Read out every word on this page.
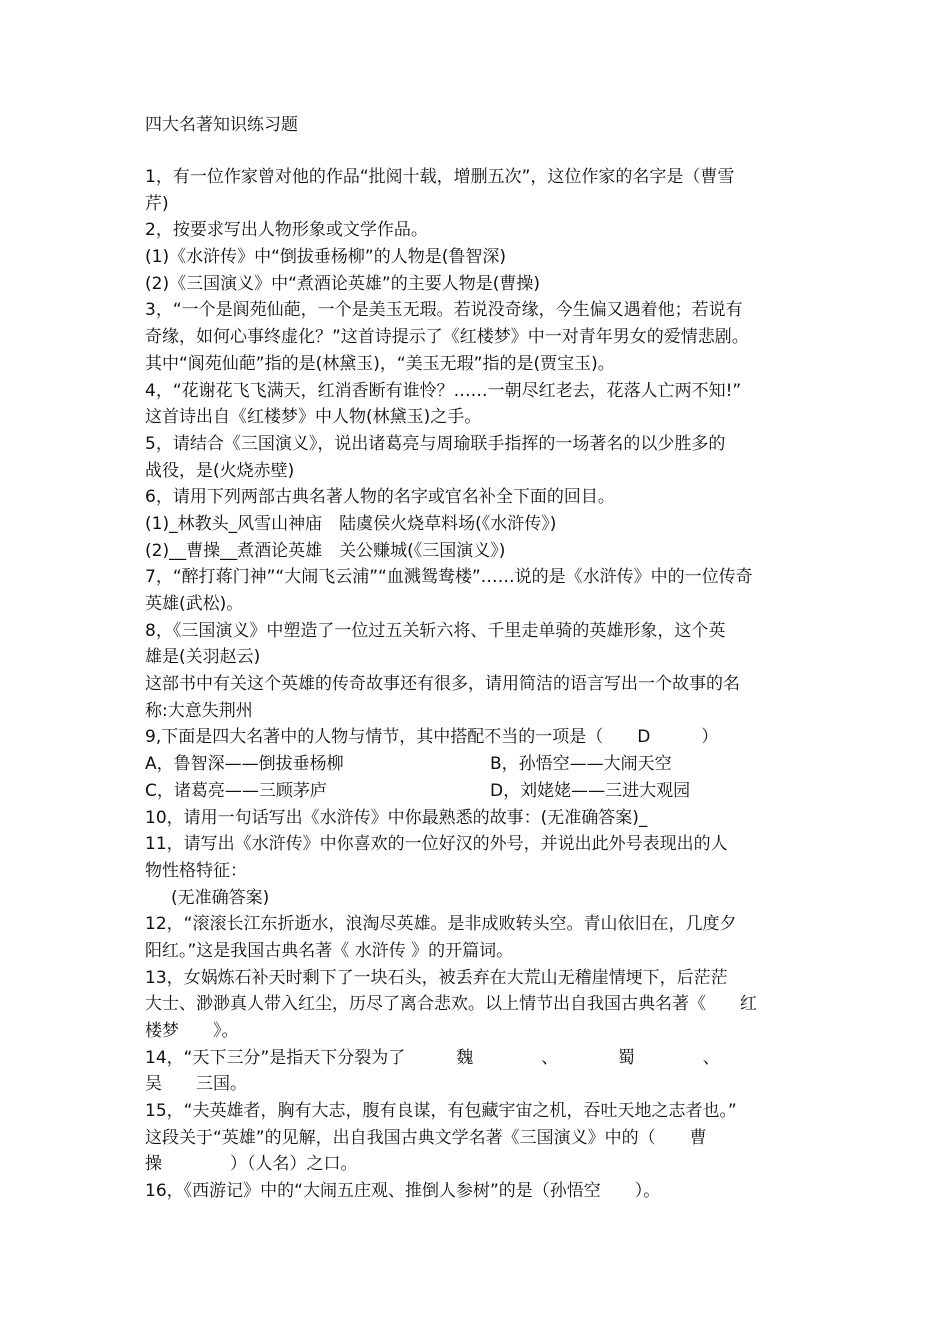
四大名著知识练习题
1，有一位作家曾对他的作品“批阅十载，增删五次”，这位作家的名字是（曹雪
芹)
2，按要求写出人物形象或文学作品。
(1)《水浒传》中“倒拔垂杨柳”的人物是(鲁智深)
(2)《三国演义》中“煮酒论英雄”的主要人物是(曹操)
3，“一个是阆苑仙葩，一个是美玉无瑕。若说没奇缘，今生偏又遇着他；若说有
奇缘，如何心事终虚化？”这首诗提示了《红楼梦》中一对青年男女的爱情悲剧。
其中“阆苑仙葩”指的是(林黛玉)，“美玉无瑕”指的是(贾宝玉)。
4，“花谢花飞飞满天，红消香断有谁怜？……一朝尽红老去，花落人亡两不知!”
这首诗出自《红楼梦》中人物(林黛玉)之手。
5，请结合《三国演义》，说出诸葛亮与周瑜联手指挥的一场著名的以少胜多的
战役，是(火烧赤壁)
6，请用下列两部古典名著人物的名字或官名补全下面的回目。
(1)_林教头_风雪山神庙　陆虞侯火烧草料场(《水浒传》)
(2)__曹操__煮酒论英雄　关公赚城(《三国演义》)
7，“醉打蒋门神”“大闹飞云浦”“血溅鸳鸯楼”……说的是《水浒传》中的一位传奇
英雄(武松)。
8，《三国演义》中塑造了一位过五关斩六将、千里走单骑的英雄形象，这个英
雄是(关羽赵云)
这部书中有关这个英雄的传奇故事还有很多，请用简洁的语言写出一个故事的名
称:大意失荆州
9,下面是四大名著中的人物与情节，其中搭配不当的一项是（　　D　　　）
A，鲁智深——倒拔垂杨柳	B，孙悟空——大闹天空
C，诸葛亮——三顾茅庐	D，刘姥姥——三进大观园
10，请用一句话写出《水浒传》中你最熟悉的故事：(无准确答案)_
11，请写出《水浒传》中你喜欢的一位好汉的外号，并说出此外号表现出的人
物性格特征：
(无准确答案)
12，“滚滚长江东折逝水，浪淘尽英雄。是非成败转头空。青山依旧在，几度夕
阳红。”这是我国古典名著《 水浒传 》的开篇词。
13，女娲炼石补天时剩下了一块石头，被丢弃在大荒山无稽崖情埂下，后茫茫
大士、渺渺真人带入红尘，历尽了离合悲欢。以上情节出自我国古典名著《　　红
楼梦　　》。
14，“天下三分”是指天下分裂为了　　　魏　　　　、　　　　蜀　　　　、
吴　　三国。
15，“夫英雄者，胸有大志，腹有良谋，有包藏宇宙之机，吞吐天地之志者也。”
这段关于“英雄”的见解，出自我国古典文学名著《三国演义》中的（　　曹
操　　　　）（人名）之口。
16，《西游记》中的“大闹五庄观、推倒人参树”的是（孙悟空　　）。
